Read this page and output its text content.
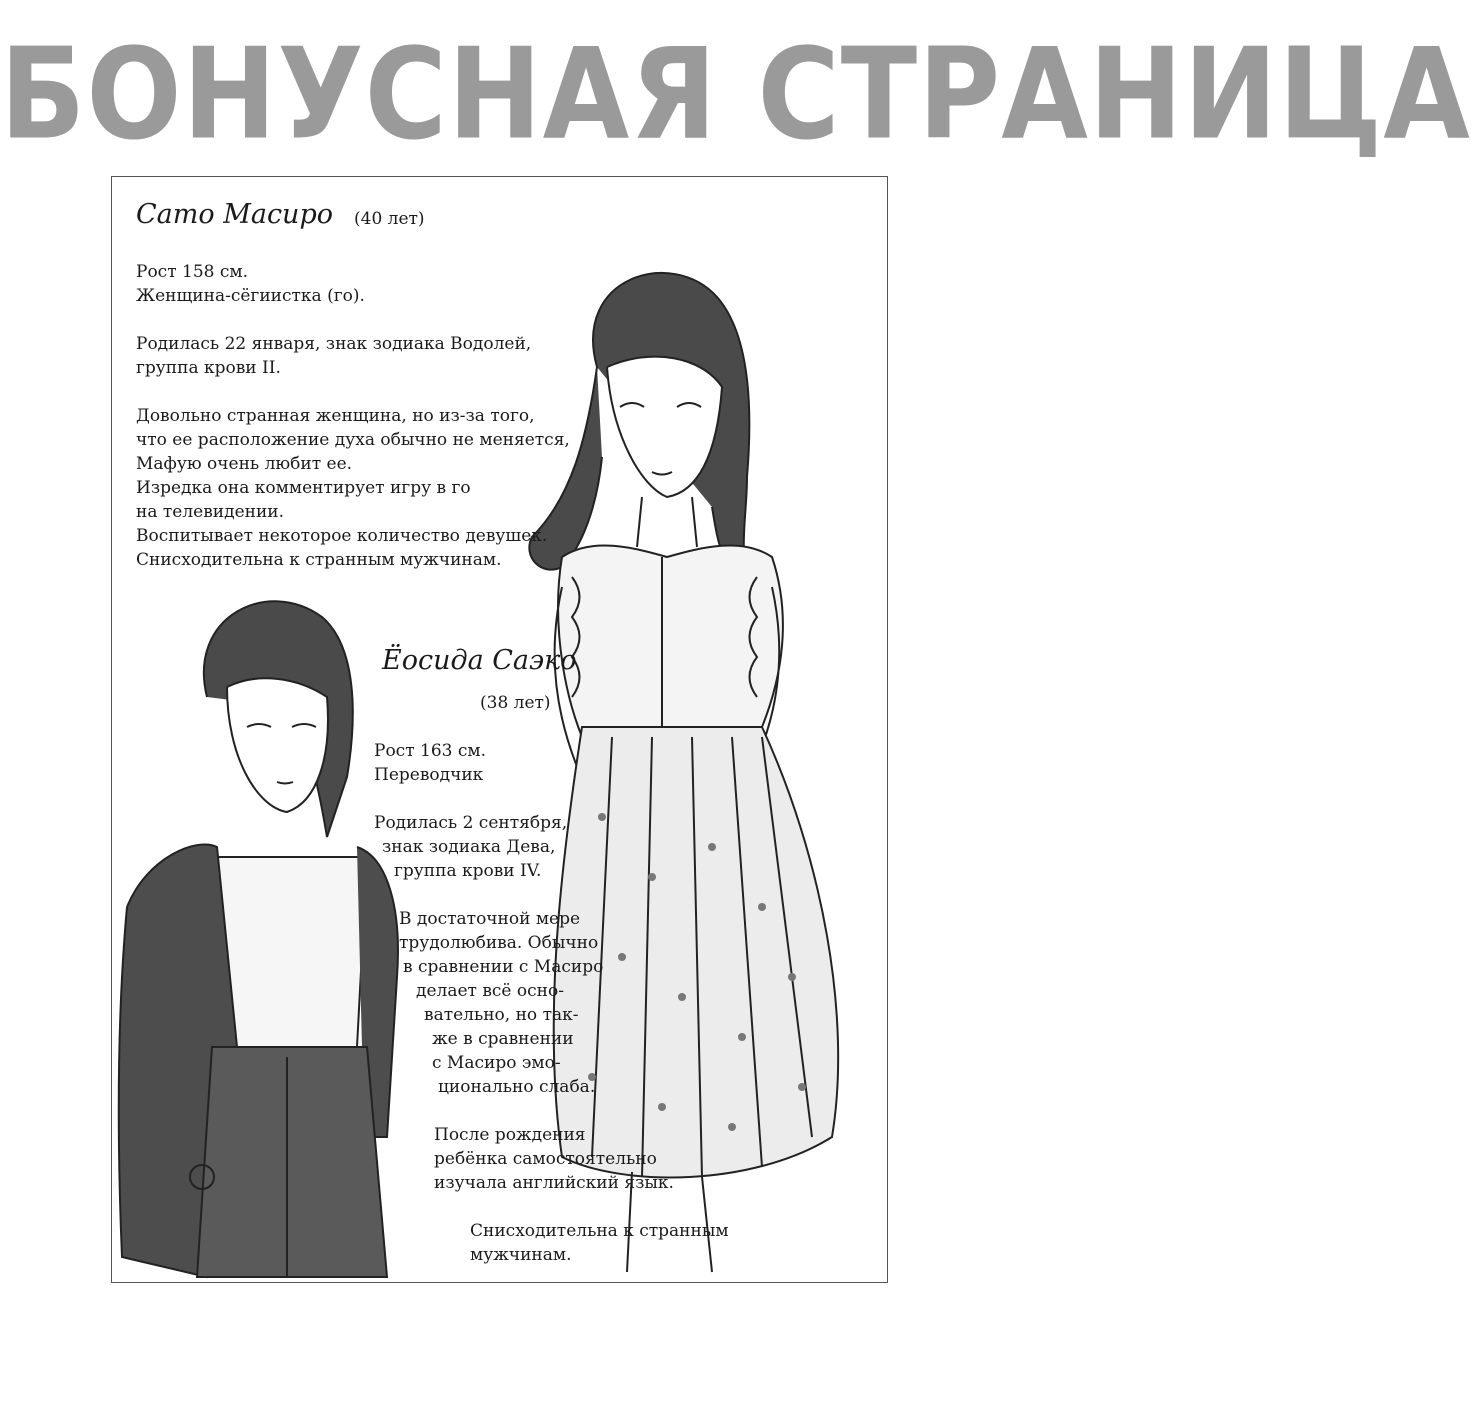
БОНУСНАЯ СТРАНИЦА
Сато Масиро (40 лет)
Рост 158 см.
Женщина-сёгиистка (го).

Родилась 22 января, знак зодиака Водолей,
группа крови II.

Довольно странная женщина, но из-за того,
что ее расположение духа обычно не меняется,
Мафую очень любит ее.
Изредка она комментирует игру в го
на телевидении.
Воспитывает некоторое количество девушек.
Снисходительна к странным мужчинам.
Ёосида Саэко
(38 лет)
Рост 163 см.
Переводчик

Родилась 2 сентября,
знак зодиака Дева,
группа крови IV.

В достаточной мере
трудолюбива. Обычно
в сравнении с Масиро
делает всё осно-
вательно, но так-
же в сравнении
с Масиро эмо-
ционально слаба.

После рождения
ребёнка самостоятельно
изучала английский язык.

Снисходительна к странным
мужчинам.
